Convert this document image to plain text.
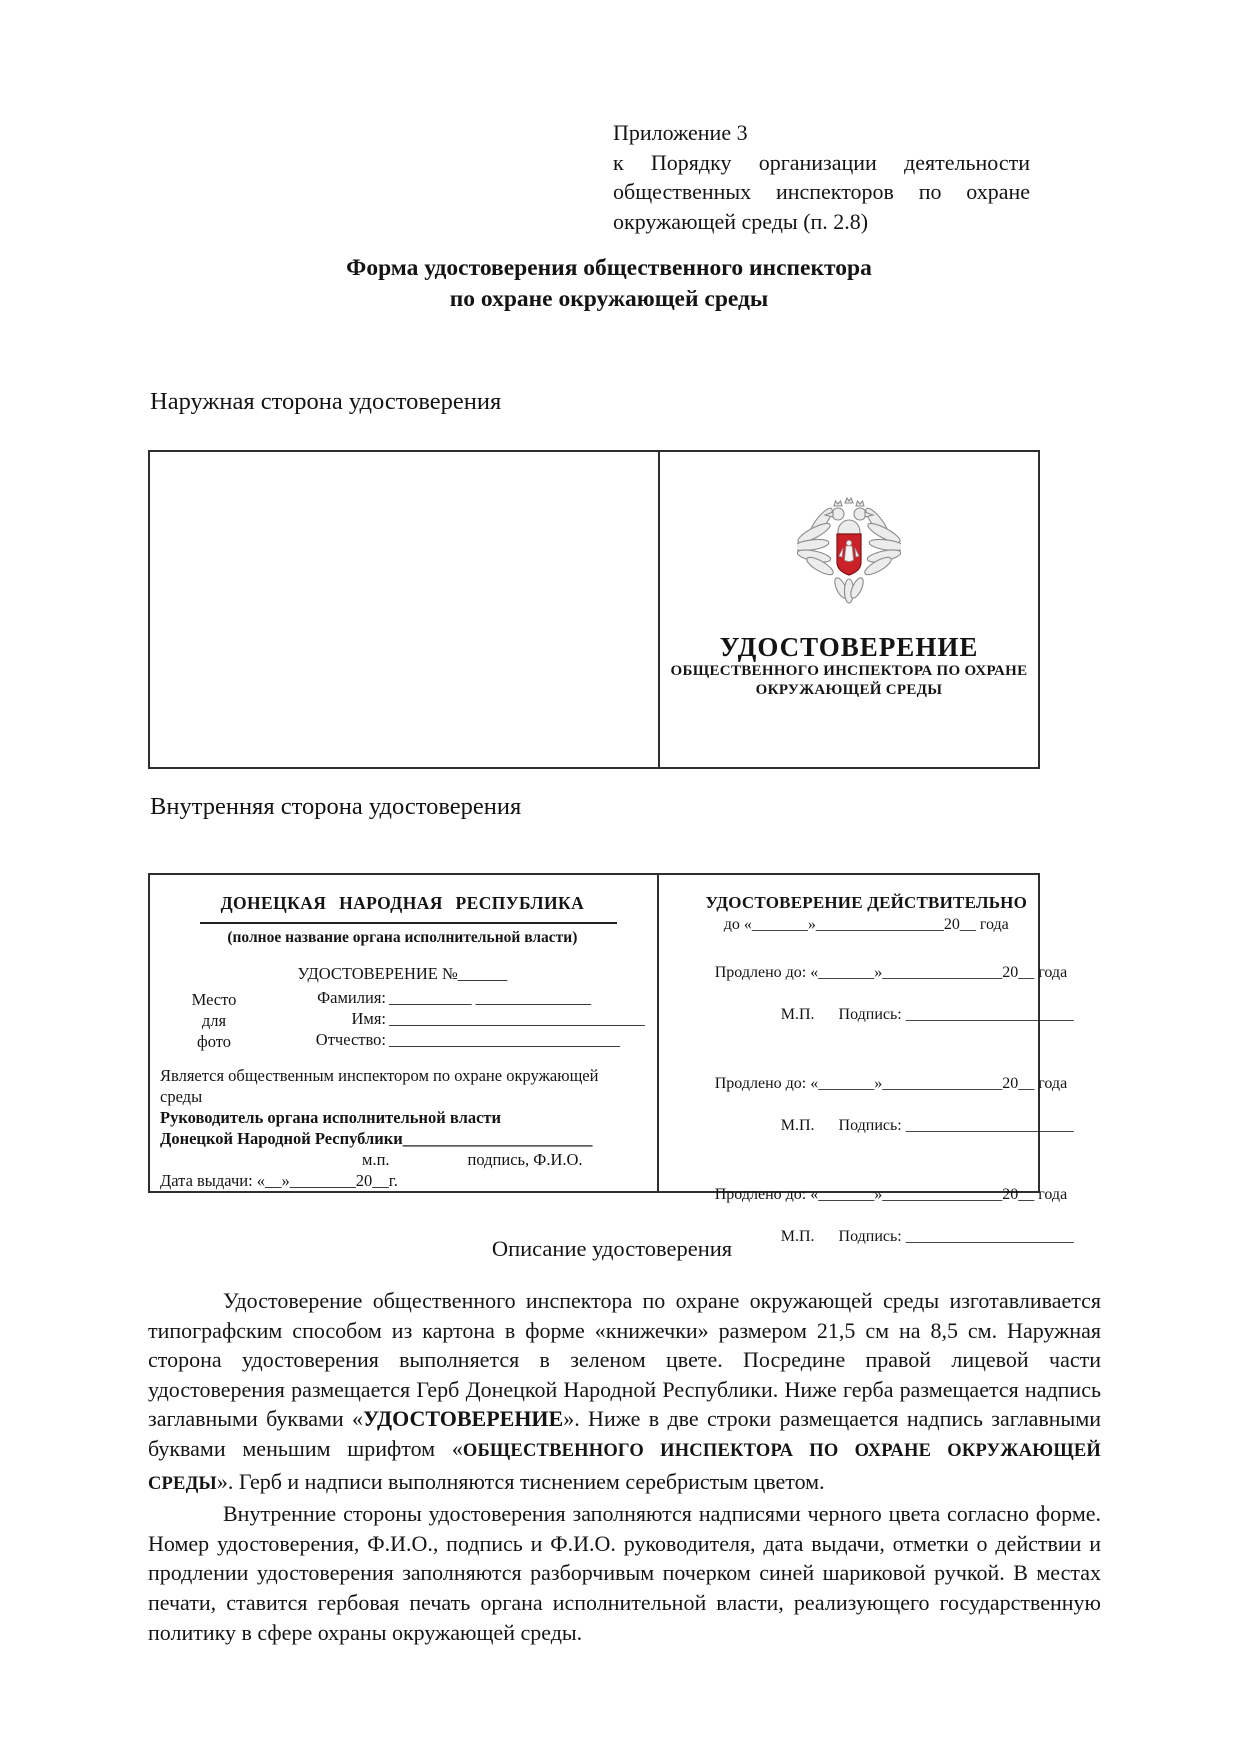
Приложение 3
к Порядку организации деятельности общественных инспекторов по охране окружающей среды (п. 2.8)
Форма удостоверения общественного инспектора
по охране окружающей среды
Наружная сторона удостоверения
УДОСТОВЕРЕНИЕ
ОБЩЕСТВЕННОГО ИНСПЕКТОРА ПО ОХРАНЕ
ОКРУЖАЮЩЕЙ СРЕДЫ
Внутренняя сторона удостоверения
ДОНЕЦКАЯ НАРОДНАЯ РЕСПУБЛИКА
(полное название органа исполнительной власти)
УДОСТОВЕРЕНИЕ №______
Место
для
фото
Фамилия: __________ ______________
Имя: _______________________________
Отчество: ____________________________
Является общественным инспектором по охране окружающей среды
Руководитель органа исполнительной власти
Донецкой Народной Республики_______________________
м.п.	подпись, Ф.И.О.
Дата выдачи: «__»________20__г.
УДОСТОВЕРЕНИЕ ДЕЙСТВИТЕЛЬНО
до «_______»________________20__ года
Продлено до: «_______»_______________20__ года

М.П. Подпись: _____________________

Продлено до: «_______»_______________20__ года

М.П. Подпись: _____________________

Продлено до: «_______»_______________20__ года

М.П. Подпись: _____________________

Описание удостоверения

Удостоверение общественного инспектора по охране окружающей среды изготавливается типографским способом из картона в форме «книжечки» размером 21,5 см на 8,5 см. Наружная сторона удостоверения выполняется в зеленом цвете. Посредине правой лицевой части удостоверения размещается Герб Донецкой Народной Республики. Ниже герба размещается надпись заглавными буквами «УДОСТОВЕРЕНИЕ». Ниже в две строки размещается надпись заглавными буквами меньшим шрифтом «ОБЩЕСТВЕННОГО ИНСПЕКТОРА ПО ОХРАНЕ ОКРУЖАЮЩЕЙ СРЕДЫ». Герб и надписи выполняются тиснением серебристым цветом.

Внутренние стороны удостоверения заполняются надписями черного цвета согласно форме. Номер удостоверения, Ф.И.О., подпись и Ф.И.О. руководителя, дата выдачи, отметки о действии и продлении удостоверения заполняются разборчивым почерком синей шариковой ручкой. В местах печати, ставится гербовая печать органа исполнительной власти, реализующего государственную политику в сфере охраны окружающей среды.
